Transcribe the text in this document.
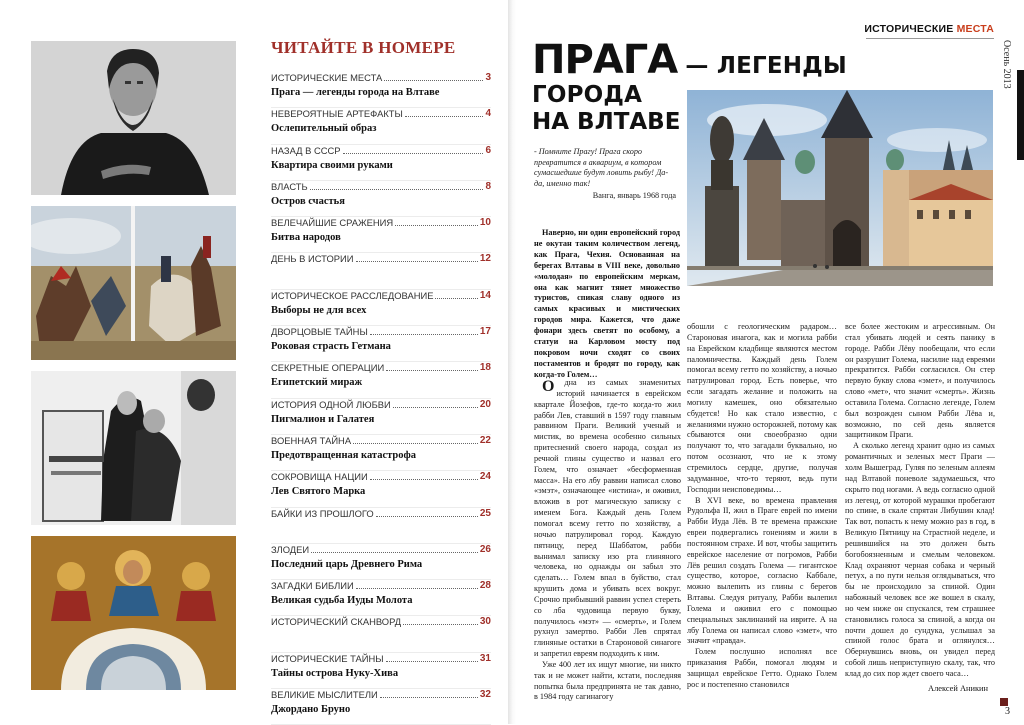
ЧИТАЙТЕ В НОМЕРЕ
ИСТОРИЧЕСКИЕ МЕСТА	3
Прага — легенды города на Влтаве
НЕВЕРОЯТНЫЕ АРТЕФАКТЫ	4
Ослепительный образ
НАЗАД В СССР	6
Квартира своими руками
ВЛАСТЬ	8
Остров счастья
ВЕЛЕЧАЙШИЕ СРАЖЕНИЯ	10
Битва народов
ДЕНЬ В ИСТОРИИ	12
ИСТОРИЧЕСКОЕ РАССЛЕДОВАНИЕ	14
Выборы не для всех
ДВОРЦОВЫЕ ТАЙНЫ	17
Роковая страсть Гетмана
СЕКРЕТНЫЕ ОПЕРАЦИИ	18
Египетский мираж
ИСТОРИЯ ОДНОЙ ЛЮБВИ	20
Пигмалион и Галатея
ВОЕННАЯ ТАЙНА	22
Предотвращенная катастрофа
СОКРОВИЩА НАЦИИ	24
Лев Святого Марка
БАЙКИ ИЗ ПРОШЛОГО	25
ЗЛОДЕИ	26
Последний царь Древнего Рима
ЗАГАДКИ БИБЛИИ	28
Великая судьба Иуды Молота
ИСТОРИЧЕСКИЙ СКАНВОРД	30
ИСТОРИЧЕСКИЕ ТАЙНЫ	31
Тайны острова Нуку-Хива
ВЕЛИКИЕ МЫСЛИТЕЛИ	32
Джордано Бруно
ИСТОРИЧЕСКИЕ МЕСТА
Осень 2013
ПРАГА — ЛЕГЕНДЫ ГОРОДА
НА ВЛТАВЕ
- Помните Прагу! Прага скоро превратится в аквариум, в котором сумасшедшие будут ловить рыбу! Да-да, именно так!
Ванга, январь 1968 года
Наверно, ни один европейский город не окутан таким количеством легенд, как Прага, Чехия. Основанная на берегах Влтавы в VIII веке, довольно «молодая» по европейским меркам, она как магнит тянет множество туристов, спикая славу одного из самых красивых и мистических городов мира. Кажется, что даже фонари здесь светят по особому, а статуи на Карловом мосту под покровом ночи сходят со своих постаментов и бродят по городу, как когда-то Голем…

О дна из самых знаменитых историй начинается в еврейском квартале Йозефов, где-то когда-то жил рабби Лев, ставший в 1597 году главным раввином Праги. Великий ученый и мистик, во времена особенно сильных притеснений своего народа, создал из речной глины существо и назвал его Голем, что означает «бесформенная масса». На его лбу раввин написал слово «эмэт», означающее «истина», и оживил, вложив в рот магическую записку с именем Бога. Каждый день Голем помогал всему гетто по хозяйству, а ночью патрулировал город. Каждую пятницу, перед Шаббатом, рабби вынимал записку изо рта глиняного человека, но однажды он забыл это сделать… Голем впал в буйство, стал крушить дома и убивать всех вокруг. Срочно прибывший раввин успел стереть со лба чудовища первую букву, получилось «мэт» — «смерть», и Голем рухнул замертво. Рабби Лев спрятал глиняные остатки в Староновой синагоге и запретил евреям подходить к ним.

Уже 400 лет их ищут многие, ни никто так и не может найти, кстати, последняя попытка была предпринята не так давно, в 1984 году сагинагогу

обошли с геологическим радаром… Староновая инагога, как и могила рабби на Еврейском кладбище являются местом паломничества. Каждый день Голем помогал всему гетто по хозяйству, а ночью патрулировал город. Есть поверье, что если загадать желание и положить на могилу камешек, оно обязательно сбудется! Но как стало известно, с желаниями нужно осторожней, потому как сбываются они своеобразно одни получают то, что загадали буквально, но потом осознают, что не к этому стремилось сердце, другие, получая задуманное, что-то теряют, ведь пути Господни неисповедимы…

В XVI веке, во времена правления Рудольфа II, жил в Праге еврей по имени Рабби Иуда Лёв. В те времена пражские евреи подвергались гонениям и жили в постоянном страхе. И вот, чтобы защитить еврейское население от погромов, Рабби Лёв решил создать Голема — гигантское существо, которое, согласно Каббале, можно вылепить из глины с берегов Влтавы. Следуя ритуалу, Рабби вылепил Голема и оживил его с помощью специальных заклинаний на иврите. А на лбу Голема он написал слово «эмет», что значит «правда».

Голем послушно исполнял все приказания Рабби, помогал людям и защищал еврейское Гетто. Однако Голем рос и постепенно становился

все более жестоким и агрессивным. Он стал убивать людей и сеять панику в городе. Рабби Лёву пообещали, что если он разрушит Голема, насилие над евреями прекратится. Рабби согласился. Он стер первую букву слова «эмет», и получилось слово «мет», что значит «смерть». Жизнь оставила Голема. Согласно легенде, Голем был возрожден сыном Рабби Лёва и, возможно, по сей день является защитником Праги.

А сколько легенд хранит одно из самых романтичных и зеленых мест Праги — холм Вышеград. Гуляя по зеленым аллеям над Влтавой поневоле задумаешься, что скрыто под ногами. А ведь согласно одной из легенд, от которой мурашки пробегают по спине, в скале спрятан Либушин клад! Так вот, попасть к нему можно раз в год, в Великую Пятницу на Страстной неделе, и решившийся на это должен быть богобоязненным и смелым человеком. Клад охраняют черная собака и черный петух, а по пути нельзя оглядываться, что бы не происходило за спиной. Один набожный человек все же вошел в скалу, но чем ниже он спускался, тем страшнее становились голоса за спиной, а когда он почти дошел до сундука, услышал за спиной голос брата и оглянулся… Обернувшись вновь, он увидел перед собой лишь неприступную скалу, так, что клад до сих пор ждет своего часа…

Алексей Аникин
3
